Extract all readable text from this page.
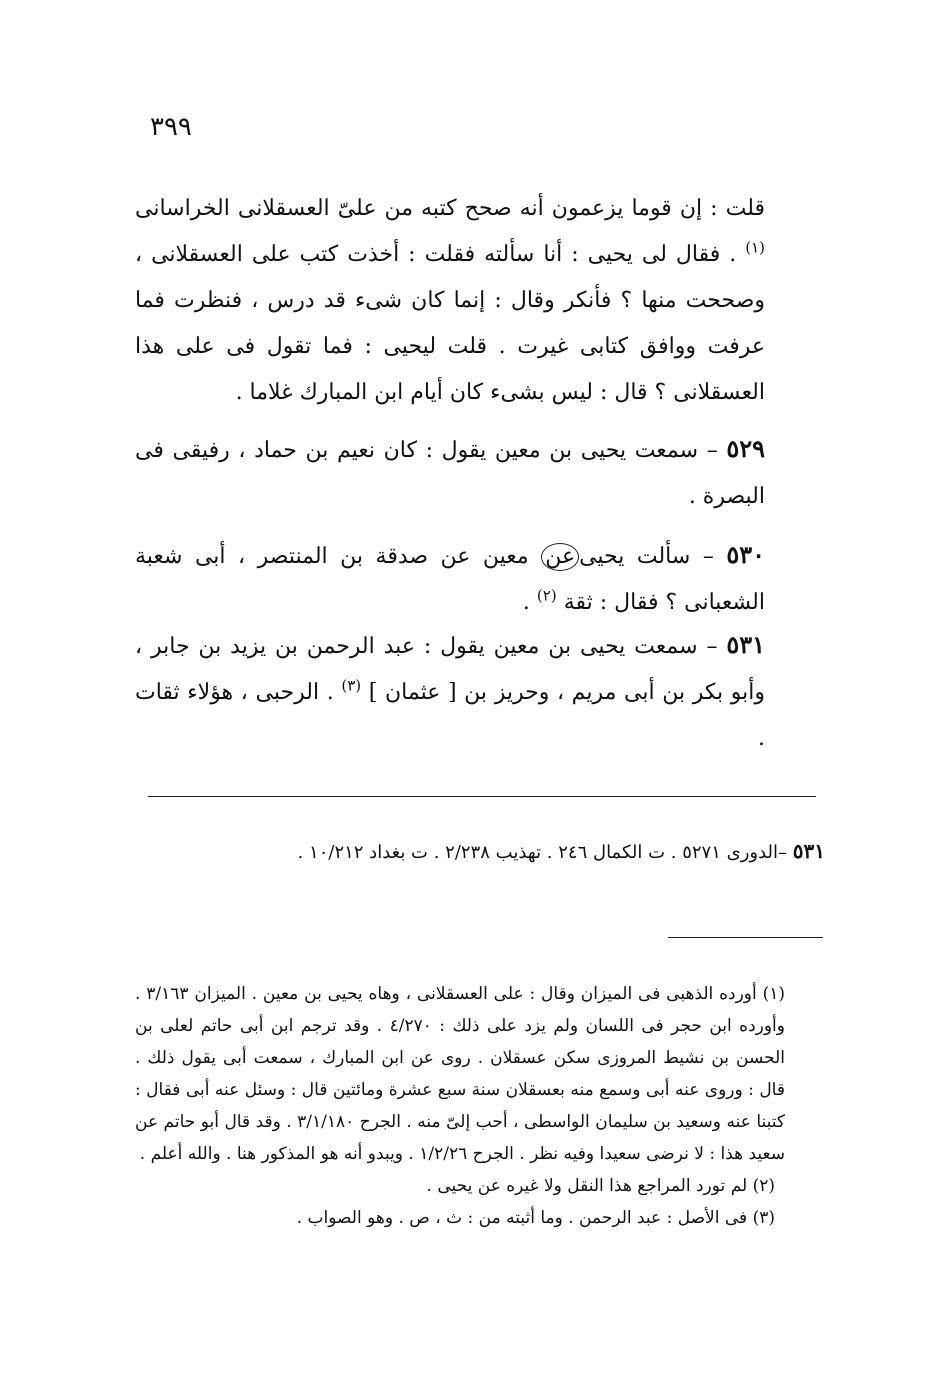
٣٩٩

قلت : إن قوما يزعمون أنه صحح كتبه من علىّ العسقلانى الخراسانى $^{(١)}$ . فقال لى يحيى : أنا سألته فقلت : أخذت كتب على العسقلانى ، وصححت منها ؟ فأنكر وقال : إنما كان شىء قد درس ، فنظرت فما عرفت ووافق كتابى غيرت . قلت ليحيى : فما تقول فى على هذا العسقلانى ؟ قال : ليس بشىء كان أيام ابن المبارك غلاما .

٥٢٩ – سمعت يحيى بن معين يقول : كان نعيم بن حماد ، رفيقى فى البصرة .

٥٣٠ – سألت يحيىعن معين عن صدقة بن المنتصر ، أبى شعبة الشعبانى ؟ فقال : ثقة $^{(٢)}$ .

٥٣١ – سمعت يحيى بن معين يقول : عبد الرحمن بن يزيد بن جابر ، وأبو بكر بن أبى مريم ، وحريز بن [ عثمان ] $^{(٣)}$ . الرحبى ، هؤلاء ثقات .

٥٣١ –الدورى ٥٢٧١ . ت الكمال ٢٤٦ . تهذيب ٢/٢٣٨ . ت بغداد ١٠/٢١٢ .

(١) أورده الذهبى فى الميزان وقال : على العسقلانى ، وهاه يحيى بن معين . الميزان ٣/١٦٣ . وأورده ابن حجر فى اللسان ولم يزد على ذلك : ٤/٢٧٠ . وقد ترجم ابن أبى حاتم لعلى بن الحسن بن نشيط المروزى سكن عسقلان . روى عن ابن المبارك ، سمعت أبى يقول ذلك . قال : وروى عنه أبى وسمع منه بعسقلان سنة سبع عشرة ومائتين قال : وسئل عنه أبى فقال : كتبنا عنه وسعيد بن سليمان الواسطى ، أحب إلىّ منه . الجرح ٣/١/١٨٠ . وقد قال أبو حاتم عن سعيد هذا : لا نرضى سعيدا وفيه نظر . الجرح ١/٢/٢٦ . ويبدو أنه هو المذكور هنا . والله أعلم .

(٢) لم تورد المراجع هذا النقل ولا غيره عن يحيى .

(٣) فى الأصل : عبد الرحمن . وما أثبته من : ث ، ص . وهو الصواب .
